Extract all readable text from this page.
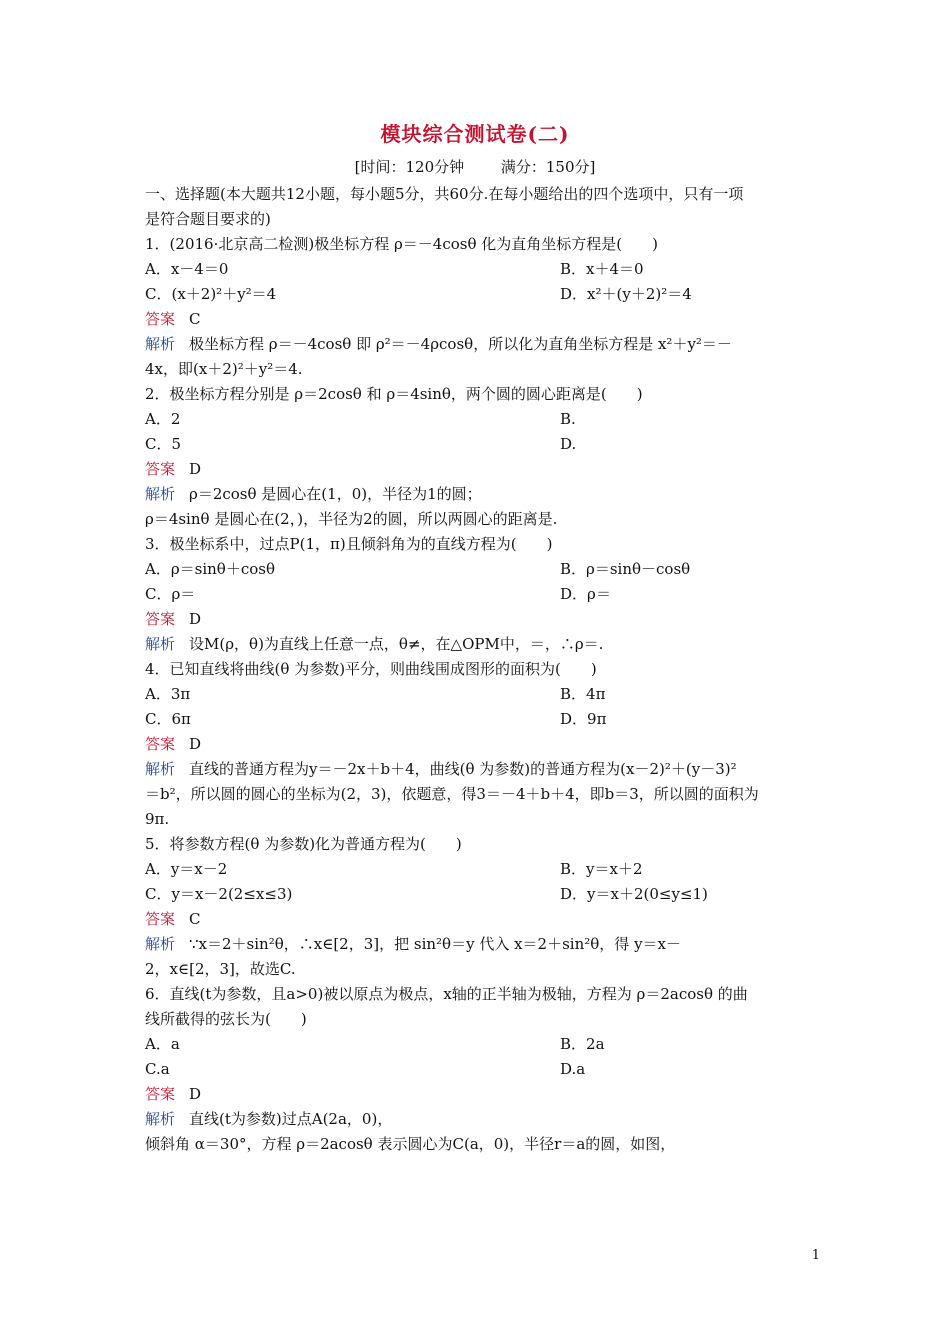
模块综合测试卷(二)
[时间：120分钟 满分：150分]
一、选择题(本大题共12小题，每小题5分，共60分.在每小题给出的四个选项中，只有一项
是符合题目要求的)
1．(2016·北京高二检测)极坐标方程 ρ＝－4cosθ 化为直角坐标方程是(　　)
A．x－4＝0	B．x＋4＝0
C．(x＋2)²＋y²＝4	D．x²＋(y＋2)²＝4
答案 C
解析 极坐标方程 ρ＝－4cosθ 即 ρ²＝－4ρcosθ，所以化为直角坐标方程是 x²＋y²＝－
4x，即(x＋2)²＋y²＝4.
2．极坐标方程分别是 ρ＝2cosθ 和 ρ＝4sinθ，两个圆的圆心距离是(　　)
A．2	B.
C．5	D.
答案 D
解析 ρ＝2cosθ 是圆心在(1，0)，半径为1的圆；
ρ＝4sinθ 是圆心在(2，)，半径为2的圆，所以两圆心的距离是.
3．极坐标系中，过点P(1，π)且倾斜角为的直线方程为(　　)
A．ρ＝sinθ＋cosθ	B．ρ＝sinθ－cosθ
C．ρ＝	D．ρ＝
答案 D
解析 设M(ρ，θ)为直线上任意一点，θ≠，在△OPM中，＝，∴ρ＝.
4．已知直线将曲线(θ 为参数)平分，则曲线围成图形的面积为(　　)
A．3π	B．4π
C．6π	D．9π
答案 D
解析 直线的普通方程为y＝－2x＋b＋4，曲线(θ 为参数)的普通方程为(x－2)²＋(y－3)²
＝b²，所以圆的圆心的坐标为(2，3)，依题意，得3＝－4＋b＋4，即b＝3，所以圆的面积为
9π.
5．将参数方程(θ 为参数)化为普通方程为(　　)
A．y＝x－2	B．y＝x＋2
C．y＝x－2(2≤x≤3)	D．y＝x＋2(0≤y≤1)
答案 C
解析 ∵x＝2＋sin²θ，∴x∈[2，3]，把 sin²θ＝y 代入 x＝2＋sin²θ，得 y＝x－
2，x∈[2，3]，故选C.
6．直线(t为参数，且a>0)被以原点为极点，x轴的正半轴为极轴，方程为 ρ＝2acosθ 的曲
线所截得的弦长为(　　)
A．a	B．2a
C.a	D.a
答案 D
解析 直线(t为参数)过点A(2a，0)，
倾斜角 α＝30°，方程 ρ＝2acosθ 表示圆心为C(a，0)，半径r＝a的圆，如图，
1
